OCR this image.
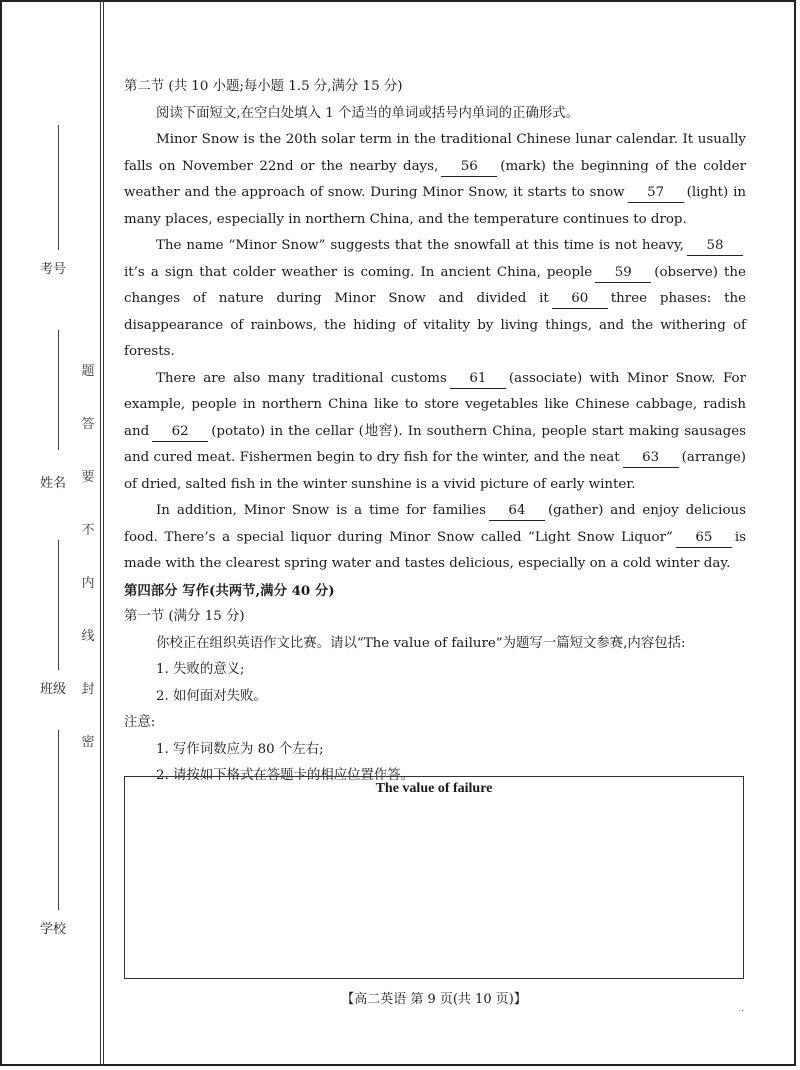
考号
姓名
班级
学校
题
答
要
不
内
线
封
密

第二节 (共 10 小题;每小题 1.5 分,满分 15 分)

阅读下面短文,在空白处填入 1 个适当的单词或括号内单词的正确形式。

Minor Snow is the 20th solar term in the traditional Chinese lunar calendar. It usually falls on November 22nd or the nearby days, 56 (mark) the beginning of the colder weather and the approach of snow. During Minor Snow, it starts to snow 57 (light) in many places, especially in northern China, and the temperature continues to drop.

The name “Minor Snow” suggests that the snowfall at this time is not heavy, 58it’s a sign that colder weather is coming. In ancient China, people 59 (observe) the changes of nature during Minor Snow and divided it 60 three phases: the disappearance of rainbows, the hiding of vitality by living things, and the withering of forests.

There are also many traditional customs 61 (associate) with Minor Snow. For example, people in northern China like to store vegetables like Chinese cabbage, radish and 62 (potato) in the cellar (地窖). In southern China, people start making sausages and cured meat. Fishermen begin to dry fish for the winter, and the neat 63 (arrange) of dried, salted fish in the winter sunshine is a vivid picture of early winter.

In addition, Minor Snow is a time for families 64 (gather) and enjoy delicious food. There’s a special liquor during Minor Snow called “Light Snow Liquor” 65 is made with the clearest spring water and tastes delicious, especially on a cold winter day.

第四部分 写作(共两节,满分 40 分)

第一节 (满分 15 分)

你校正在组织英语作文比赛。请以“The value of failure”为题写一篇短文参赛,内容包括:

1. 失败的意义;

2. 如何面对失败。

注意:

1. 写作词数应为 80 个左右;

2. 请按如下格式在答题卡的相应位置作答。

The value of failure
【高二英语 第 9 页(共 10 页)】
..
